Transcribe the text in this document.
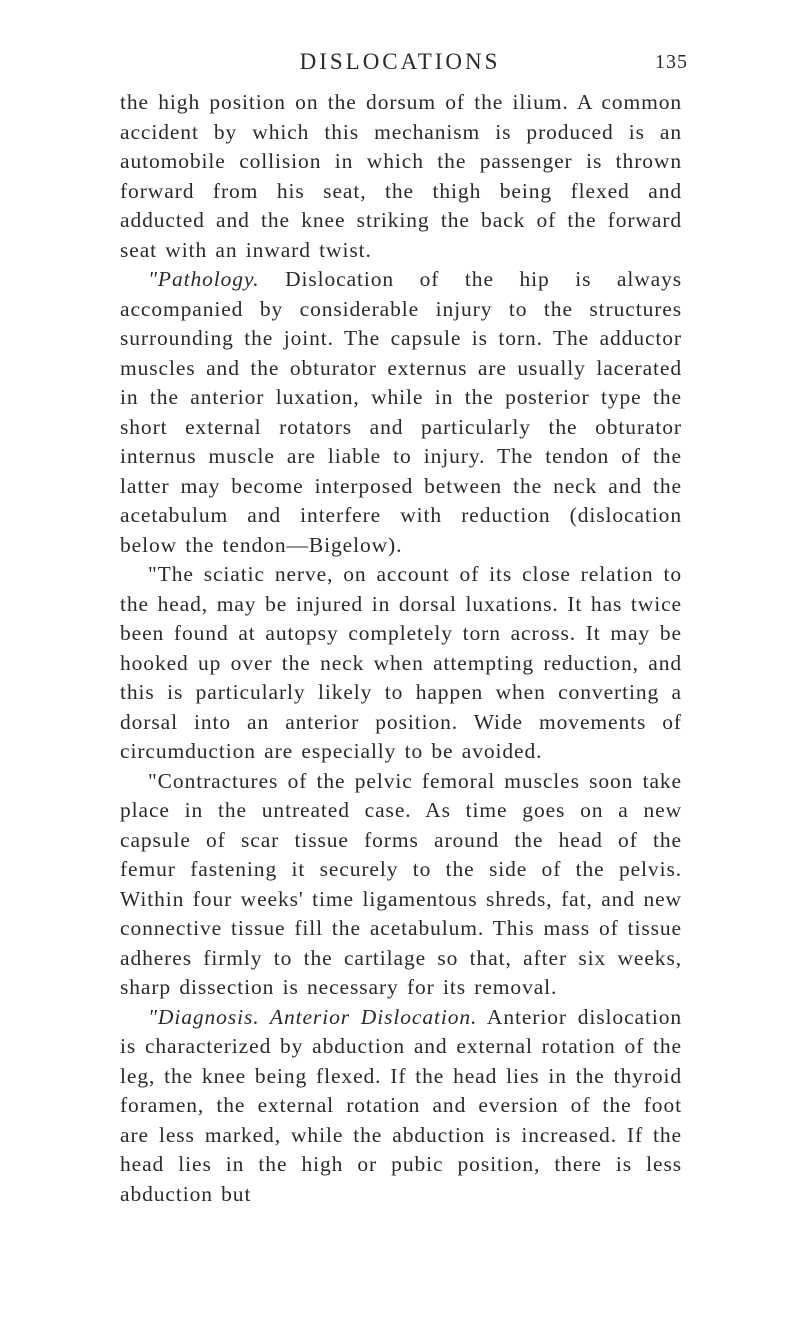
DISLOCATIONS	135

the high position on the dorsum of the ilium. A common accident by which this mechanism is produced is an automobile collision in which the passenger is thrown forward from his seat, the thigh being flexed and adducted and the knee striking the back of the forward seat with an inward twist.

"Pathology. Dislocation of the hip is always accompanied by considerable injury to the structures surrounding the joint. The capsule is torn. The adductor muscles and the obturator externus are usually lacerated in the anterior luxation, while in the posterior type the short external rotators and particularly the obturator internus muscle are liable to injury. The tendon of the latter may become interposed between the neck and the acetabulum and interfere with reduction (dislocation below the tendon—Bigelow).

"The sciatic nerve, on account of its close relation to the head, may be injured in dorsal luxations. It has twice been found at autopsy completely torn across. It may be hooked up over the neck when attempting reduction, and this is particularly likely to happen when converting a dorsal into an anterior position. Wide movements of circumduction are especially to be avoided.

"Contractures of the pelvic femoral muscles soon take place in the untreated case. As time goes on a new capsule of scar tissue forms around the head of the femur fastening it securely to the side of the pelvis. Within four weeks' time ligamentous shreds, fat, and new connective tissue fill the acetabulum. This mass of tissue adheres firmly to the cartilage so that, after six weeks, sharp dissection is necessary for its removal.

"Diagnosis. Anterior Dislocation. Anterior dislocation is characterized by abduction and external rotation of the leg, the knee being flexed. If the head lies in the thyroid foramen, the external rotation and eversion of the foot are less marked, while the abduction is increased. If the head lies in the high or pubic position, there is less abduction but
